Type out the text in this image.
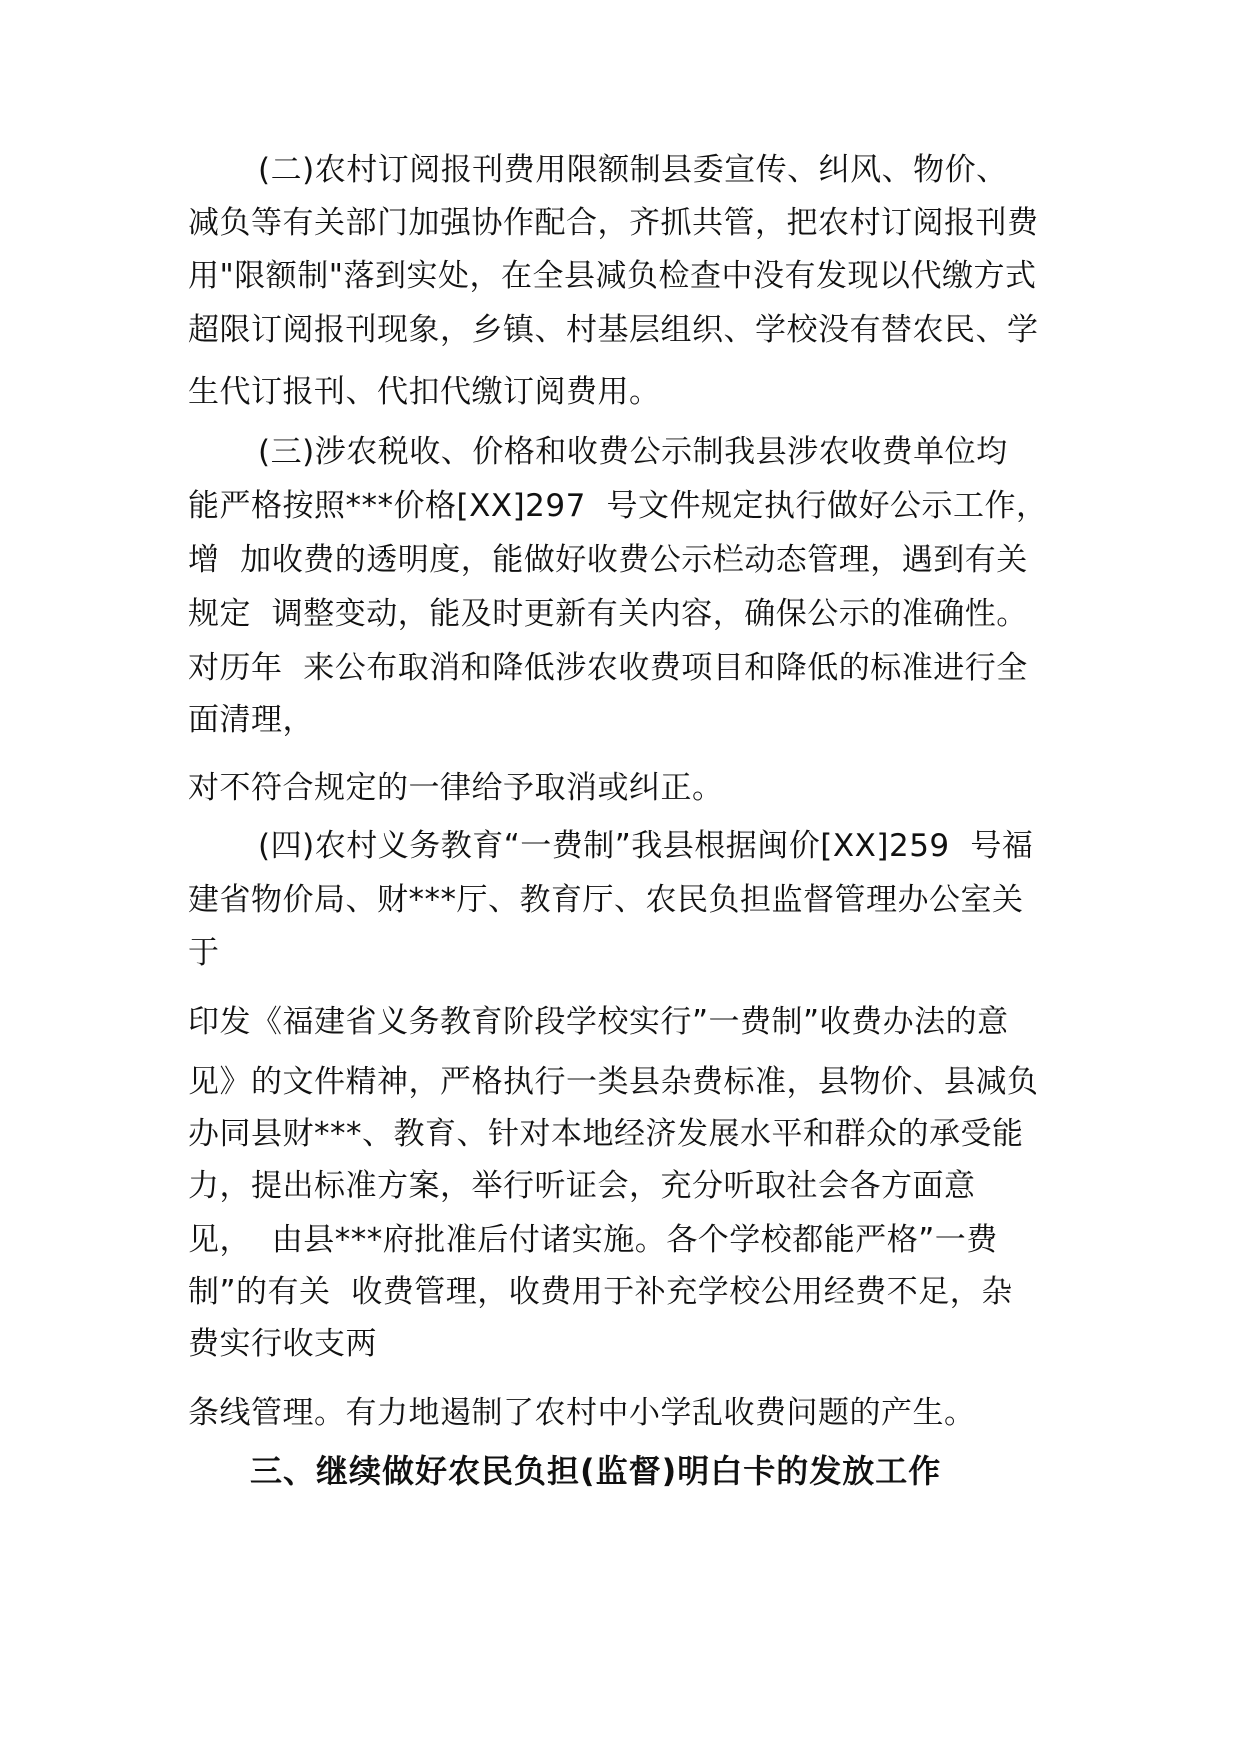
(二)农村订阅报刊费用限额制县委宣传、纠风、物价、
减负等有关部门加强协作配合，齐抓共管，把农村订阅报刊费
用"限额制"落到实处，在全县减负检查中没有发现以代缴方式
超限订阅报刊现象，乡镇、村基层组织、学校没有替农民、学
生代订报刊、代扣代缴订阅费用。
(三)涉农税收、价格和收费公示制我县涉农收费单位均
能严格按照***价格[XX]297  号文件规定执行做好公示工作，
增  加收费的透明度，能做好收费公示栏动态管理，遇到有关
规定  调整变动，能及时更新有关内容，确保公示的准确性。
对历年  来公布取消和降低涉农收费项目和降低的标准进行全
面清理，
对不符合规定的一律给予取消或纠正。
(四)农村义务教育“一费制”我县根据闽价[XX]259  号福
建省物价局、财***厅、教育厅、农民负担监督管理办公室关
于
印发《福建省义务教育阶段学校实行”一费制”收费办法的意
见》的文件精神，严格执行一类县杂费标准，县物价、县减负
办同县财***、教育、针对本地经济发展水平和群众的承受能
力，提出标准方案，举行听证会，充分听取社会各方面意
见，  由县***府批准后付诸实施。各个学校都能严格”一费
制”的有关  收费管理，收费用于补充学校公用经费不足，杂
费实行收支两
条线管理。有力地遏制了农村中小学乱收费问题的产生。
三、继续做好农民负担(监督)明白卡的发放工作
